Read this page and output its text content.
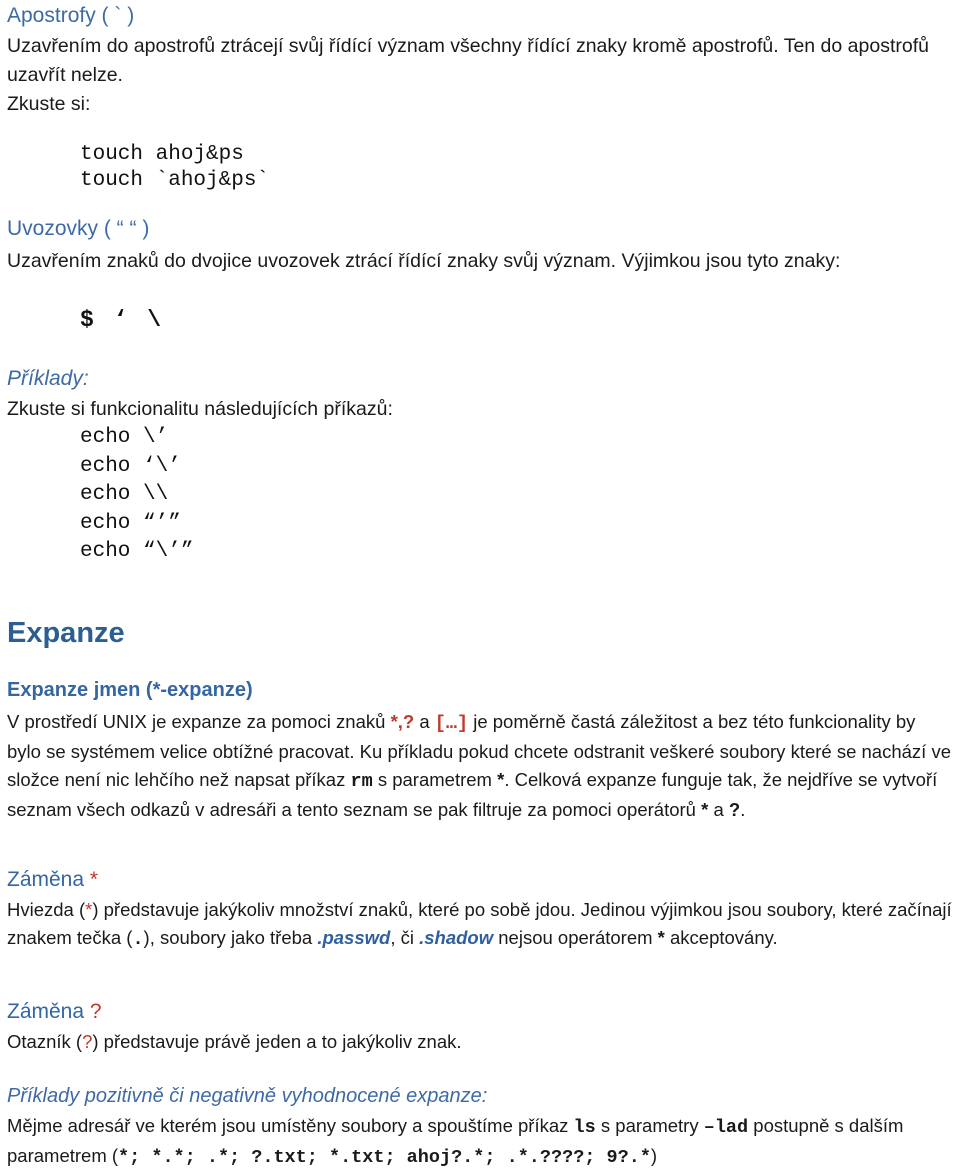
Apostrofy ( ` )
Uzavřením do apostrofů ztrácejí svůj řídící význam všechny řídící znaky kromě apostrofů. Ten do apostrofů uzavřít nelze.
Zkuste si:
touch ahoj&ps
touch `ahoj&ps`
Uvozovky ( “ “ )
Uzavřením znaků do dvojice uvozovek ztrácí řídící znaky svůj význam. Výjimkou jsou tyto znaky:
$ ‘ \
Příklady:
Zkuste si funkcionalitu následujících příkazů:
echo \’
echo ‘\’
echo \\
echo “’”
echo “\’”
Expanze
Expanze jmen (*-expanze)
V prostředí UNIX je expanze za pomoci znaků *,? a […] je poměrně častá záležitost a bez této funkcionality by bylo se systémem velice obtížné pracovat. Ku příkladu pokud chcete odstranit veškeré soubory které se nachází ve složce není nic lehčího než napsat příkaz rm s parametrem *. Celková expanze funguje tak, že nejdříve se vytvoří seznam všech odkazů v adresáři a tento seznam se pak filtruje za pomoci operátorů * a ?.
Záměna *
Hviezda (*) představuje jakýkoliv množství znaků, které po sobě jdou. Jedinou výjimkou jsou soubory, které začínají znakem tečka (.), soubory jako třeba .passwd, či .shadow nejsou operátorem * akceptovány.
Záměna ?
Otazník (?) představuje právě jeden a to jakýkoliv znak.
Příklady pozitivně či negativně vyhodnocené expanze:
Mějme adresář ve kterém jsou umístěny soubory a spouštíme příkaz ls s parametry –lad postupně s dalším parametrem (*; *.*; .*; ?.txt; *.txt; ahoj?.*; .*.????; 9?.*)
